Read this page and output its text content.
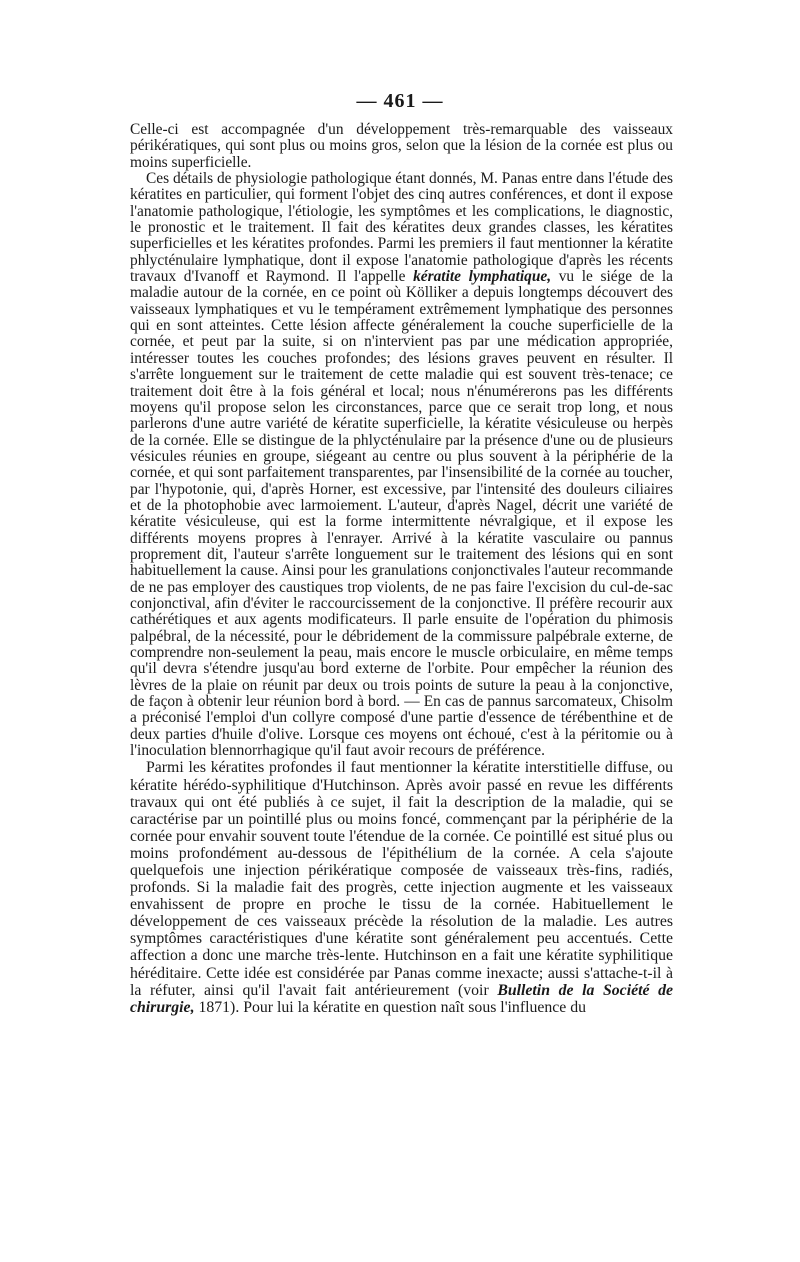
— 461 —

Celle-ci est accompagnée d'un développement très-remarquable des vaisseaux périkératiques, qui sont plus ou moins gros, selon que la lésion de la cornée est plus ou moins superficielle.

Ces détails de physiologie pathologique étant donnés, M. Panas entre dans l'étude des kératites en particulier, qui forment l'objet des cinq autres conférences, et dont il expose l'anatomie pathologique, l'étiologie, les symptômes et les complications, le diagnostic, le pronostic et le traitement. Il fait des kératites deux grandes classes, les kératites superficielles et les kératites profondes. Parmi les premiers il faut mentionner la kératite phlycténulaire lymphatique, dont il expose l'anatomie pathologique d'après les récents travaux d'Ivanoff et Raymond. Il l'appelle kératite lymphatique, vu le siége de la maladie autour de la cornée, en ce point où Kölliker a depuis longtemps découvert des vaisseaux lymphatiques et vu le tempérament extrêmement lymphatique des personnes qui en sont atteintes. Cette lésion affecte généralement la couche superficielle de la cornée, et peut par la suite, si on n'intervient pas par une médication appropriée, intéresser toutes les couches profondes; des lésions graves peuvent en résulter. Il s'arrête longuement sur le traitement de cette maladie qui est souvent très-tenace; ce traitement doit être à la fois général et local; nous n'énumérerons pas les différents moyens qu'il propose selon les circonstances, parce que ce serait trop long, et nous parlerons d'une autre variété de kératite superficielle, la kératite vésiculeuse ou herpès de la cornée. Elle se distingue de la phlycténulaire par la présence d'une ou de plusieurs vésicules réunies en groupe, siégeant au centre ou plus souvent à la périphérie de la cornée, et qui sont parfaitement transparentes, par l'insensibilité de la cornée au toucher, par l'hypotonie, qui, d'après Horner, est excessive, par l'intensité des douleurs ciliaires et de la photophobie avec larmoiement. L'auteur, d'après Nagel, décrit une variété de kératite vésiculeuse, qui est la forme intermittente névralgique, et il expose les différents moyens propres à l'enrayer. Arrivé à la kératite vasculaire ou pannus proprement dit, l'auteur s'arrête longuement sur le traitement des lésions qui en sont habituellement la cause. Ainsi pour les granulations conjonctivales l'auteur recommande de ne pas employer des caustiques trop violents, de ne pas faire l'excision du cul-de-sac conjonctival, afin d'éviter le raccourcissement de la conjonctive. Il préfère recourir aux cathérétiques et aux agents modificateurs. Il parle ensuite de l'opération du phimosis palpébral, de la nécessité, pour le débridement de la commissure palpébrale externe, de comprendre non-seulement la peau, mais encore le muscle orbiculaire, en même temps qu'il devra s'étendre jusqu'au bord externe de l'orbite. Pour empêcher la réunion des lèvres de la plaie on réunit par deux ou trois points de suture la peau à la conjonctive, de façon à obtenir leur réunion bord à bord. — En cas de pannus sarcomateux, Chisolm a préconisé l'emploi d'un collyre composé d'une partie d'essence de térébenthine et de deux parties d'huile d'olive. Lorsque ces moyens ont échoué, c'est à la péritomie ou à l'inoculation blennorrhagique qu'il faut avoir recours de préférence.

Parmi les kératites profondes il faut mentionner la kératite interstitielle diffuse, ou kératite hérédo-syphilitique d'Hutchinson. Après avoir passé en revue les différents travaux qui ont été publiés à ce sujet, il fait la description de la maladie, qui se caractérise par un pointillé plus ou moins foncé, commençant par la périphérie de la cornée pour envahir souvent toute l'étendue de la cornée. Ce pointillé est situé plus ou moins profondément au-dessous de l'épithélium de la cornée. A cela s'ajoute quelquefois une injection périkératique composée de vaisseaux très-fins, radiés, profonds. Si la maladie fait des progrès, cette injection augmente et les vaisseaux envahissent de propre en proche le tissu de la cornée. Habituellement le développement de ces vaisseaux précède la résolution de la maladie. Les autres symptômes caractéristiques d'une kératite sont généralement peu accentués. Cette affection a donc une marche très-lente. Hutchinson en a fait une kératite syphilitique héréditaire. Cette idée est considérée par Panas comme inexacte; aussi s'attache-t-il à la réfuter, ainsi qu'il l'avait fait antérieurement (voir Bulletin de la Société de chirurgie, 1871). Pour lui la kératite en question naît sous l'influence du
